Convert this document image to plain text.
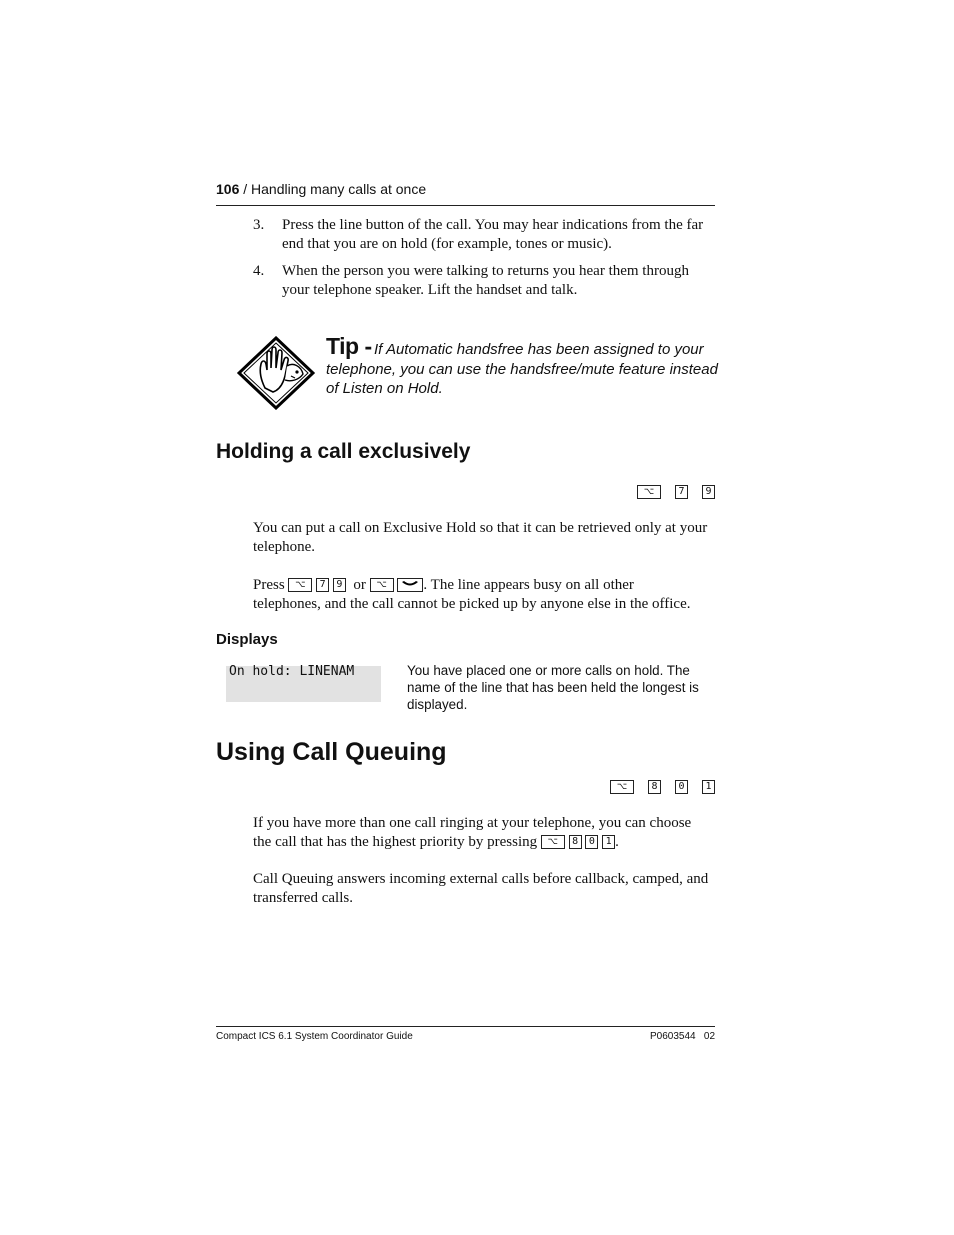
106 / Handling many calls at once
3.	Press the line button of the call. You may hear indications from the far end that you are on hold (for example, tones or music).
4.	When the person you were talking to returns you hear them through your telephone speaker. Lift the handset and talk.
If Automatic handsfree has been assigned to your telephone, you can use the handsfree/mute feature instead of Listen on Hold.
Tip -
Holding a call exclusively
⌥ 7 9
You can put a call on Exclusive Hold so that it can be retrieved only at your telephone.
Press ⌥ 7 9 or ⌥ . The line appears busy on all other
telephones, and the call cannot be picked up by anyone else in the office.
Displays
On hold: LINENAM	You have placed one or more calls on hold. The name of the line that has been held the longest is displayed.
Using Call Queuing
⌥ 8 0 1
If you have more than one call ringing at your telephone, you can choose
the call that has the highest priority by pressing ⌥ 8 0 1 .
Call Queuing answers incoming external calls before callback, camped, and transferred calls.
Compact ICS 6.1 System Coordinator Guide	P0603544   02
